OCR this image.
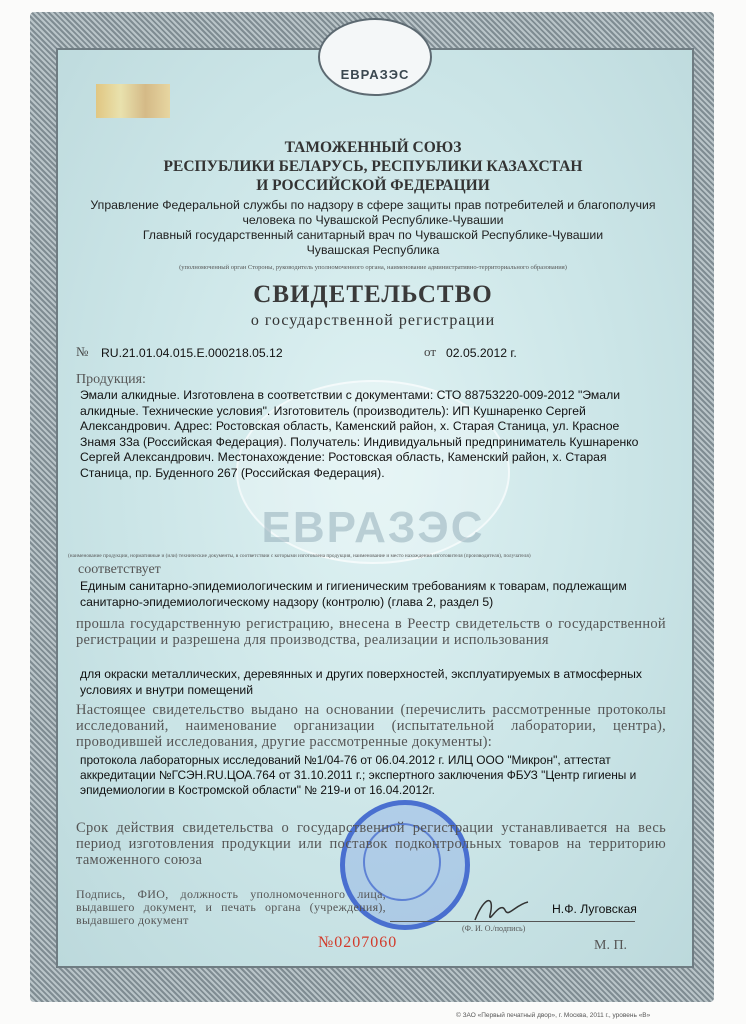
ЕВРАЗЭС
ЕВРАЗЭС
ТАМОЖЕННЫЙ СОЮЗ
РЕСПУБЛИКИ БЕЛАРУСЬ, РЕСПУБЛИКИ КАЗАХСТАН
И РОССИЙСКОЙ ФЕДЕРАЦИИ
Управление Федеральной службы по надзору в сфере защиты прав потребителей и благополучия
человека по Чувашской Республике-Чувашии
Главный государственный санитарный врач по Чувашской Республике-Чувашии
Чувашская Республика
(уполномоченный орган Стороны, руководитель уполномоченного органа, наименование административно-территориального образования)
СВИДЕТЕЛЬСТВО
о государственной регистрации
№ RU.21.01.04.015.E.000218.05.12	от 02.05.2012 г.
Продукция:
Эмали алкидные. Изготовлена в соответствии с документами: СТО 88753220-009-2012 "Эмали алкидные. Технические условия". Изготовитель (производитель): ИП Кушнаренко Сергей Александрович. Адрес: Ростовская область, Каменский район, х. Старая Станица, ул. Красное Знамя 33а (Российская Федерация). Получатель: Индивидуальный предприниматель Кушнаренко Сергей Александрович. Местонахождение: Ростовская область, Каменский район, х. Старая Станица, пр. Буденного 267 (Российская Федерация).
(наименование продукции, нормативные и (или) технические документы, в соответствии с которыми изготовлена продукция, наименование и место нахождения изготовителя (производителя), получателя)
соответствует
Единым санитарно-эпидемиологическим и гигиеническим требованиям к товарам, подлежащим санитарно-эпидемиологическому надзору (контролю) (глава 2, раздел 5)
прошла государственную регистрацию, внесена в Реестр свидетельств о государственной регистрации и разрешена для производства, реализации и использования
для окраски металлических, деревянных и других поверхностей, эксплуатируемых в атмосферных условиях и внутри помещений
Настоящее свидетельство выдано на основании (перечислить рассмотренные протоколы исследований, наименование организации (испытательной лаборатории, центра), проводившей исследования, другие рассмотренные документы):
протокола лабораторных исследований №1/04-76 от 06.04.2012 г. ИЛЦ ООО "Микрон", аттестат аккредитации №ГСЭН.RU.ЦОА.764 от 31.10.2011 г.; экспертного заключения ФБУЗ "Центр гигиены и эпидемиологии в Костромской области" № 219-и от 16.04.2012г.
Срок действия свидетельства о государственной регистрации устанавливается на весь период изготовления продукции или поставок подконтрольных товаров на территорию таможенного союза
Подпись, ФИО, должность уполномоченного лица, выдавшего документ, и печать органа (учреждения), выдавшего документ
Н.Ф. Луговская
(Ф. И. О./подпись)
М. П.
№0207060
© ЗАО «Первый печатный двор», г. Москва, 2011 г., уровень «В»
